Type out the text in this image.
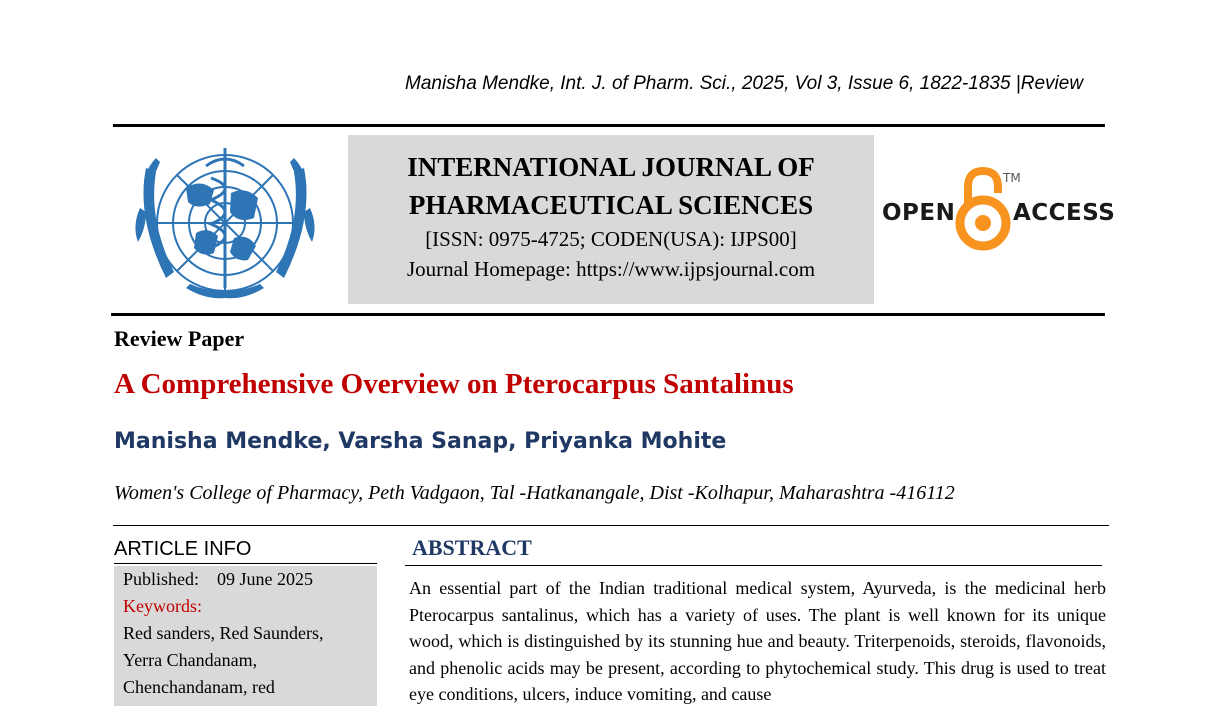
Manisha Mendke, Int. J. of Pharm. Sci., 2025, Vol 3, Issue 6, 1822-1835 |Review
INTERNATIONAL JOURNAL OF
PHARMACEUTICAL SCIENCES
[ISSN: 0975-4725; CODEN(USA): IJPS00]
Journal Homepage: https://www.ijpsjournal.com
OPEN
TM
ACCESS
Review Paper
A Comprehensive Overview on Pterocarpus Santalinus
Manisha Mendke, Varsha Sanap, Priyanka Mohite
Women's College of Pharmacy, Peth Vadgaon, Tal -Hatkanangale, Dist -Kolhapur, Maharashtra -416112
ARTICLE INFO
Published: 09 June 2025
Keywords:
Red sanders, Red Saunders,
Yerra Chandanam,
Chenchandanam, red
ABSTRACT
An essential part of the Indian traditional medical system, Ayurveda, is the medicinal herb Pterocarpus santalinus, which has a variety of uses. The plant is well known for its unique wood, which is distinguished by its stunning hue and beauty. Triterpenoids, steroids, flavonoids, and phenolic acids may be present, according to phytochemical study. This drug is used to treat eye conditions, ulcers, induce vomiting, and cause
